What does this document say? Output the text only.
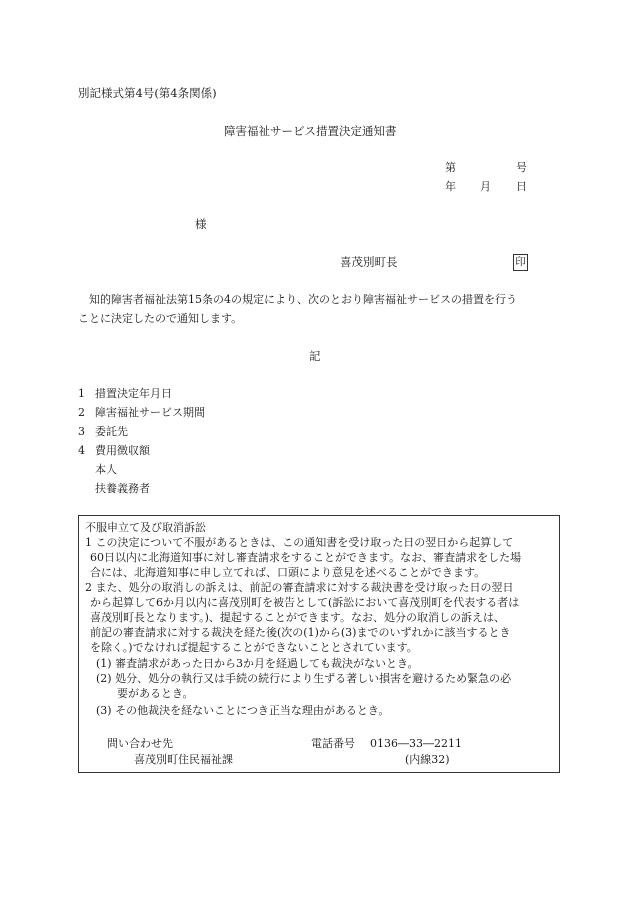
別記様式第4号(第4条関係)
障害福祉サービス措置決定通知書
第	号
年 月 日
様
喜茂別町長	印
知的障害者福祉法第15条の4の規定により、次のとおり障害福祉サービスの措置を行う
ことに決定したので通知します。
記
1 措置決定年月日
2 障害福祉サービス期間
3 委託先
4 費用徴収額
本人
扶養義務者
不服申立て及び取消訴訟
1 この決定について不服があるときは、この通知書を受け取った日の翌日から起算して
60日以内に北海道知事に対し審査請求をすることができます。なお、審査請求をした場
合には、北海道知事に申し立てれば、口頭により意見を述べることができます。
2 また、処分の取消しの訴えは、前記の審査請求に対する裁決書を受け取った日の翌日
から起算して6か月以内に喜茂別町を被告として(訴訟において喜茂別町を代表する者は
喜茂別町長となります。)、提起することができます。なお、処分の取消しの訴えは、
前記の審査請求に対する裁決を経た後(次の(1)から(3)までのいずれかに該当するとき
を除く。)でなければ提起することができないこととされています。
(1) 審査請求があった日から3か月を経過しても裁決がないとき。
(2) 処分、処分の執行又は手続の続行により生ずる著しい損害を避けるため緊急の必
要があるとき。
(3) その他裁決を経ないことにつき正当な理由があるとき。
問い合わせ先	電話番号 0136―33―2211
喜茂別町住民福祉課	(内線32)
